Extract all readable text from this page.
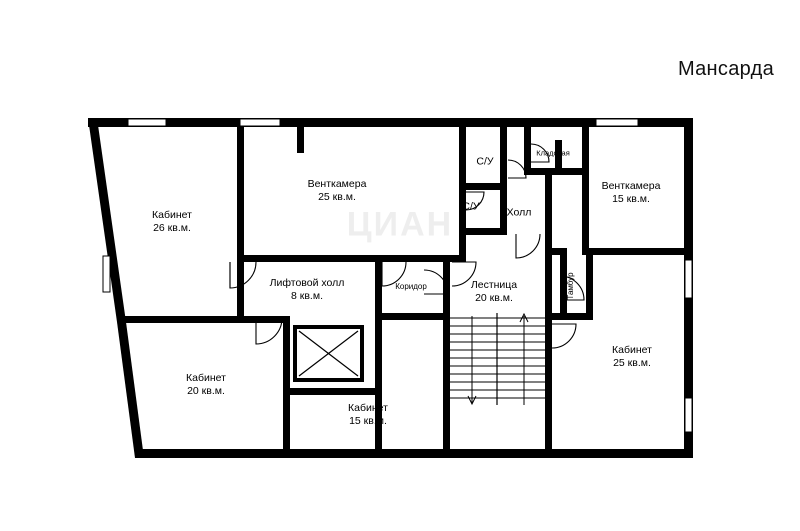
ЦИАН
Мансарда
Кабинет
26 кв.м.
Венткамера
25 кв.м.
С/У
Кладовая
С/У	Холл
Венткамера
15 кв.м.
Лифтовой холл
8 кв.м.
Коридор	Лестница
20 кв.м.	Тамбур
Кабинет
25 кв.м.
Кабинет
20 кв.м.
Кабинет
15 кв.м.
